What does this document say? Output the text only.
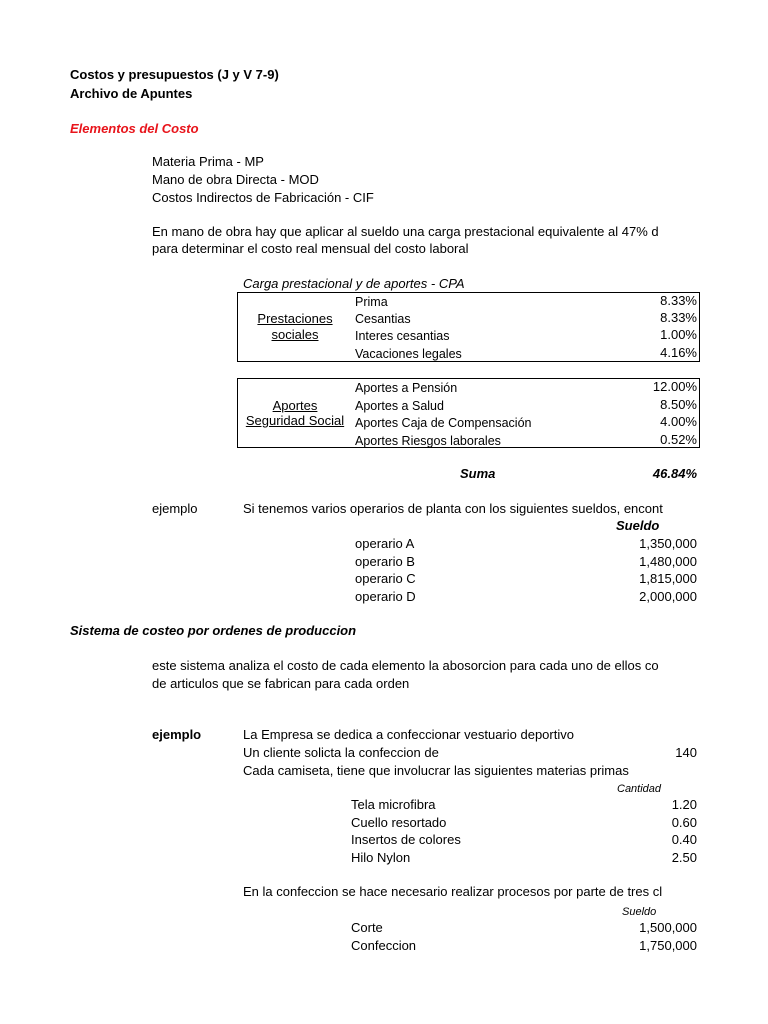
Costos y presupuestos (J y V 7-9)
Archivo de Apuntes
Elementos del Costo
Materia Prima - MP
Mano de obra Directa - MOD
Costos Indirectos de Fabricación - CIF
En mano de obra hay que aplicar al sueldo una carga prestacional equivalente al 47% d
para determinar el costo real mensual del costo laboral
Carga prestacional y de aportes - CPA
Prestaciones
sociales
Prima	8.33%
Cesantias	8.33%
Interes cesantias	1.00%
Vacaciones legales	4.16%
Aportes
Seguridad Social
Aportes a Pensión	12.00%
Aportes a Salud	8.50%
Aportes Caja de Compensación	4.00%
Aportes Riesgos laborales	0.52%
Suma	46.84%
ejemplo	Si tenemos varios operarios de planta con los siguientes sueldos, encont
Sueldo
operario A	1,350,000
operario B	1,480,000
operario C	1,815,000
operario D	2,000,000
Sistema de costeo por ordenes de produccion
este sistema analiza el costo de cada elemento la abosorcion para cada uno de ellos co
de articulos que se fabrican para cada orden
ejemplo	La Empresa se dedica a confeccionar vestuario deportivo
Un cliente solicta la confeccion de	140
Cada camiseta, tiene que involucrar las siguientes materias primas
Cantidad
Tela microfibra	1.20
Cuello resortado	0.60
Insertos de colores	0.40
Hilo Nylon	2.50
En la confeccion se hace necesario realizar procesos por parte de tres cl
Sueldo
Corte	1,500,000
Confeccion	1,750,000
